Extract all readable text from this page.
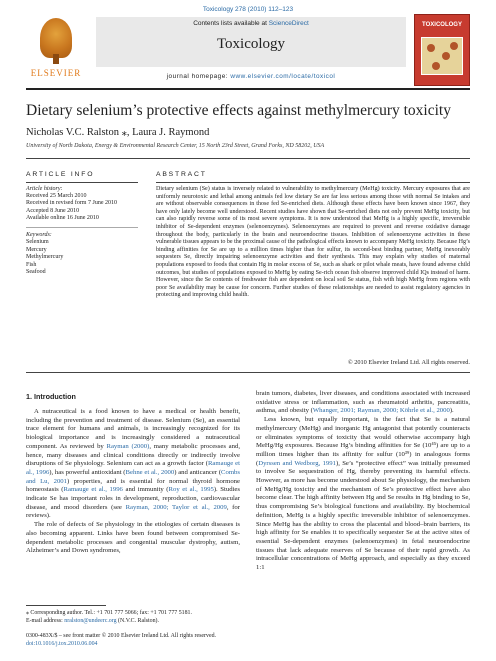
Toxicology 278 (2010) 112–123
ELSEVIER
Contents lists available at ScienceDirect
Toxicology
journal homepage: www.elsevier.com/locate/toxicol
TOXICOLOGY
Dietary selenium’s protective effects against methylmercury toxicity
Nicholas V.C. Ralston ⁎, Laura J. Raymond
University of North Dakota, Energy & Environmental Research Center, 15 North 23rd Street, Grand Forks, ND 58202, USA
ARTICLE INFO
Article history:
Received 25 March 2010
Received in revised form 7 June 2010
Accepted 8 June 2010
Available online 16 June 2010
Keywords:
Selenium
Mercury
Methylmercury
Fish
Seafood
ABSTRACT
Dietary selenium (Se) status is inversely related to vulnerability to methylmercury (MeHg) toxicity. Mercury exposures that are uniformly neurotoxic and lethal among animals fed low dietary Se are far less serious among those with normal Se intakes and are without observable consequences in those fed Se-enriched diets. Although these effects have been known since 1967, they have only lately become well understood. Recent studies have shown that Se-enriched diets not only prevent MeHg toxicity, but can also rapidly reverse some of its most severe symptoms. It is now understood that MeHg is a highly specific, irreversible inhibitor of Se-dependent enzymes (selenoenzymes). Selenoenzymes are required to prevent and reverse oxidative damage throughout the body, particularly in the brain and neuroendocrine tissues. Inhibition of selenoenzyme activities in these vulnerable tissues appears to be the proximal cause of the pathological effects known to accompany MeHg toxicity. Because Hg’s binding affinities for Se are up to a million times higher than for sulfur, its second-best binding partner, MeHg inexorably sequesters Se, directly impairing selenoenzyme activities and their synthesis. This may explain why studies of maternal populations exposed to foods that contain Hg in molar excess of Se, such as shark or pilot whale meats, have found adverse child outcomes, but studies of populations exposed to MeHg by eating Se-rich ocean fish observe improved child IQs instead of harm. However, since the Se contents of freshwater fish are dependent on local soil Se status, fish with high MeHg from regions with poor Se availability may be cause for concern. Further studies of these relationships are needed to assist regulatory agencies in protecting and improving child health.
© 2010 Elsevier Ireland Ltd. All rights reserved.
1. Introduction

A nutraceutical is a food known to have a medical or health benefit, including the prevention and treatment of disease. Selenium (Se), an essential trace element for humans and animals, is increasingly recognized for its biological importance and is increasingly considered a nutraceutical component. As reviewed by Rayman (2000), many metabolic processes and, hence, many diseases and clinical conditions directly or indirectly involve disruptions of Se physiology. Selenium can act as a growth factor (Ramauge et al., 1996), has powerful antioxidant (Behne et al., 2000) and anticancer (Combs and Lu, 2001) properties, and is essential for normal thyroid hormone homeostasis (Ramauge et al., 1996 and immunity (Roy et al., 1995). Studies indicate Se has important roles in development, reproduction, cardiovascular disease, and mood disorders (see Rayman, 2000; Taylor et al., 2009, for reviews).

The role of defects of Se physiology in the etiologies of certain diseases is also becoming apparent. Links have been found between compromised Se-dependent metabolic processes and congenital muscular dystrophy, autism, Alzheimer’s and Down syndromes,

brain tumors, diabetes, liver diseases, and conditions associated with increased oxidative stress or inflammation, such as rheumatoid arthritis, pancreatitis, asthma, and obesity (Whanger, 2001; Rayman, 2000; Köhrle et al., 2000).

Less known, but equally important, is the fact that Se is a natural methylmercury (MeHg) and inorganic Hg antagonist that potently counteracts or eliminates symptoms of toxicity that would otherwise accompany high MeHg/Hg exposures. Because Hg’s binding affinities for Se (10⁴⁵) are up to a million times higher than its affinity for sulfur (10³⁹) in analogous forms (Dyrssen and Wedborg, 1991), Se’s “protective effect” was initially presumed to involve Se sequestration of Hg, thereby preventing its harmful effects. However, as more has become understood about Se physiology, the mechanism of MeHg/Hg toxicity and the mechanism of Se’s protective effect have also become clear. The high affinity between Hg and Se results in Hg binding to Se, thus compromising Se’s biological functions and availability. By biochemical definition, MeHg is a highly specific irreversible inhibitor of selenoenzymes. Since MeHg has the ability to cross the placental and blood–brain barriers, its high affinity for Se enables it to specifically sequester Se at the active sites of essential Se-dependent enzymes (selenoenzymes) in fetal neuroendocrine tissues that lack adequate reserves of Se because of their rapid growth. As intracellular concentrations of MeHg approach, and especially as they exceed 1:1

⁎ Corresponding author. Tel.: +1 701 777 5066; fax: +1 701 777 5181.
E-mail address: nralston@undeerc.org (N.V.C. Ralston).
0300-483X/$ – see front matter © 2010 Elsevier Ireland Ltd. All rights reserved.
doi:10.1016/j.tox.2010.06.004
